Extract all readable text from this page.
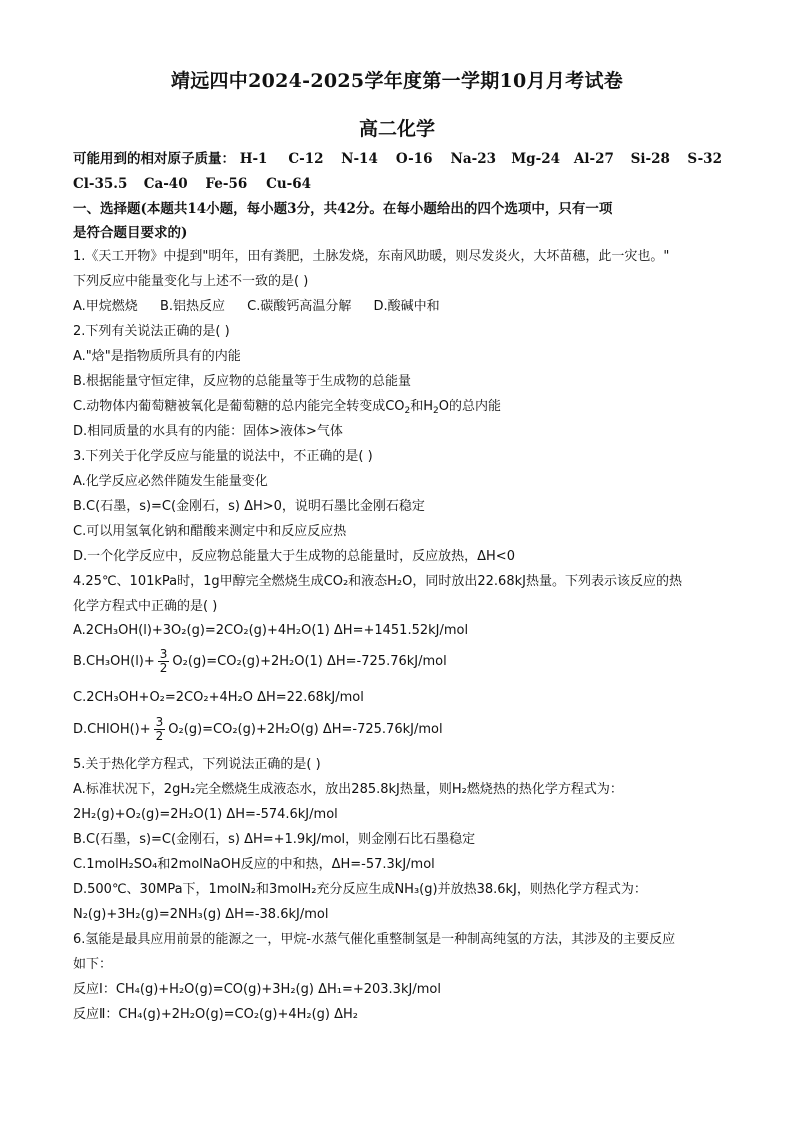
靖远四中2024-2025学年度第一学期10月月考试卷
高二化学
可能用到的相对原子质量： H-1 C-12 N-14 O-16 Na-23 Mg-24 Al-27 Si-28 S-32
Cl-35.5 Ca-40 Fe-56 Cu-64
一、选择题(本题共14小题，每小题3分，共42分。在每小题给出的四个选项中，只有一项
是符合题目要求的)
1.《天工开物》中提到"明年，田有粪肥，土脉发烧，东南风助暖，则尽发炎火，大坏苗穗，此一灾也。"
下列反应中能量变化与上述不一致的是( )
A.甲烷燃烧 B.铝热反应 C.碳酸钙高温分解 D.酸碱中和
2.下列有关说法正确的是( )
A."焓"是指物质所具有的内能
B.根据能量守恒定律，反应物的总能量等于生成物的总能量
C.动物体内葡萄糖被氧化是葡萄糖的总内能完全转变成$CO_2$和$H_2O$的总内能
D.相同质量的水具有的内能：固体>液体>气体
3.下列关于化学反应与能量的说法中，不正确的是( )
A.化学反应必然伴随发生能量变化
B.C(石墨，s)=C(金刚石，s) ΔH>0，说明石墨比金刚石稳定
C.可以用氢氧化钠和醋酸来测定中和反应反应热
D.一个化学反应中，反应物总能量大于生成物的总能量时，反应放热，ΔH<0
4.25℃、101kPa时，1g甲醇完全燃烧生成CO₂和液态H₂O，同时放出22.68kJ热量。下列表示该反应的热
化学方程式中正确的是( )
A.2CH₃OH(l)+3O₂(g)=2CO₂(g)+4H₂O(1) ΔH=+1451.52kJ/mol
$B.CH_3OH(l)+ \frac{3}{2} O_2(g)=CO_2(g)+2H_2O(1)$ ΔH=-725.76kJ/mol
C.2CH₃OH+O₂=2CO₂+4H₂O ΔH=22.68kJ/mol
D.CHlOH()+ $\frac{3}{2} O_2(g)=CO_2(g)+2H_2O(g)$ ΔH=-725.76kJ/mol
5.关于热化学方程式，下列说法正确的是( )
A.标准状况下，2gH₂完全燃烧生成液态水，放出285.8kJ热量，则H₂燃烧热的热化学方程式为：
2H₂(g)+O₂(g)=2H₂O(1) ΔH=-574.6kJ/mol
B.C(石墨，s)=C(金刚石，s) ΔH=+1.9kJ/mol，则金刚石比石墨稳定
C.1molH₂SO₄和2molNaOH反应的中和热，ΔH=-57.3kJ/mol
D.500℃、30MPa下，1molN₂和3molH₂充分反应生成NH₃(g)并放热38.6kJ，则热化学方程式为：
N₂(g)+3H₂(g)=2NH₃(g) ΔH=-38.6kJ/mol
6.氢能是最具应用前景的能源之一，甲烷-水蒸气催化重整制氢是一种制高纯氢的方法，其涉及的主要反应
如下：
反应Ⅰ：CH₄(g)+H₂O(g)=CO(g)+3H₂(g) ΔH₁=+203.3kJ/mol
反应Ⅱ：CH₄(g)+2H₂O(g)=CO₂(g)+4H₂(g) ΔH₂
